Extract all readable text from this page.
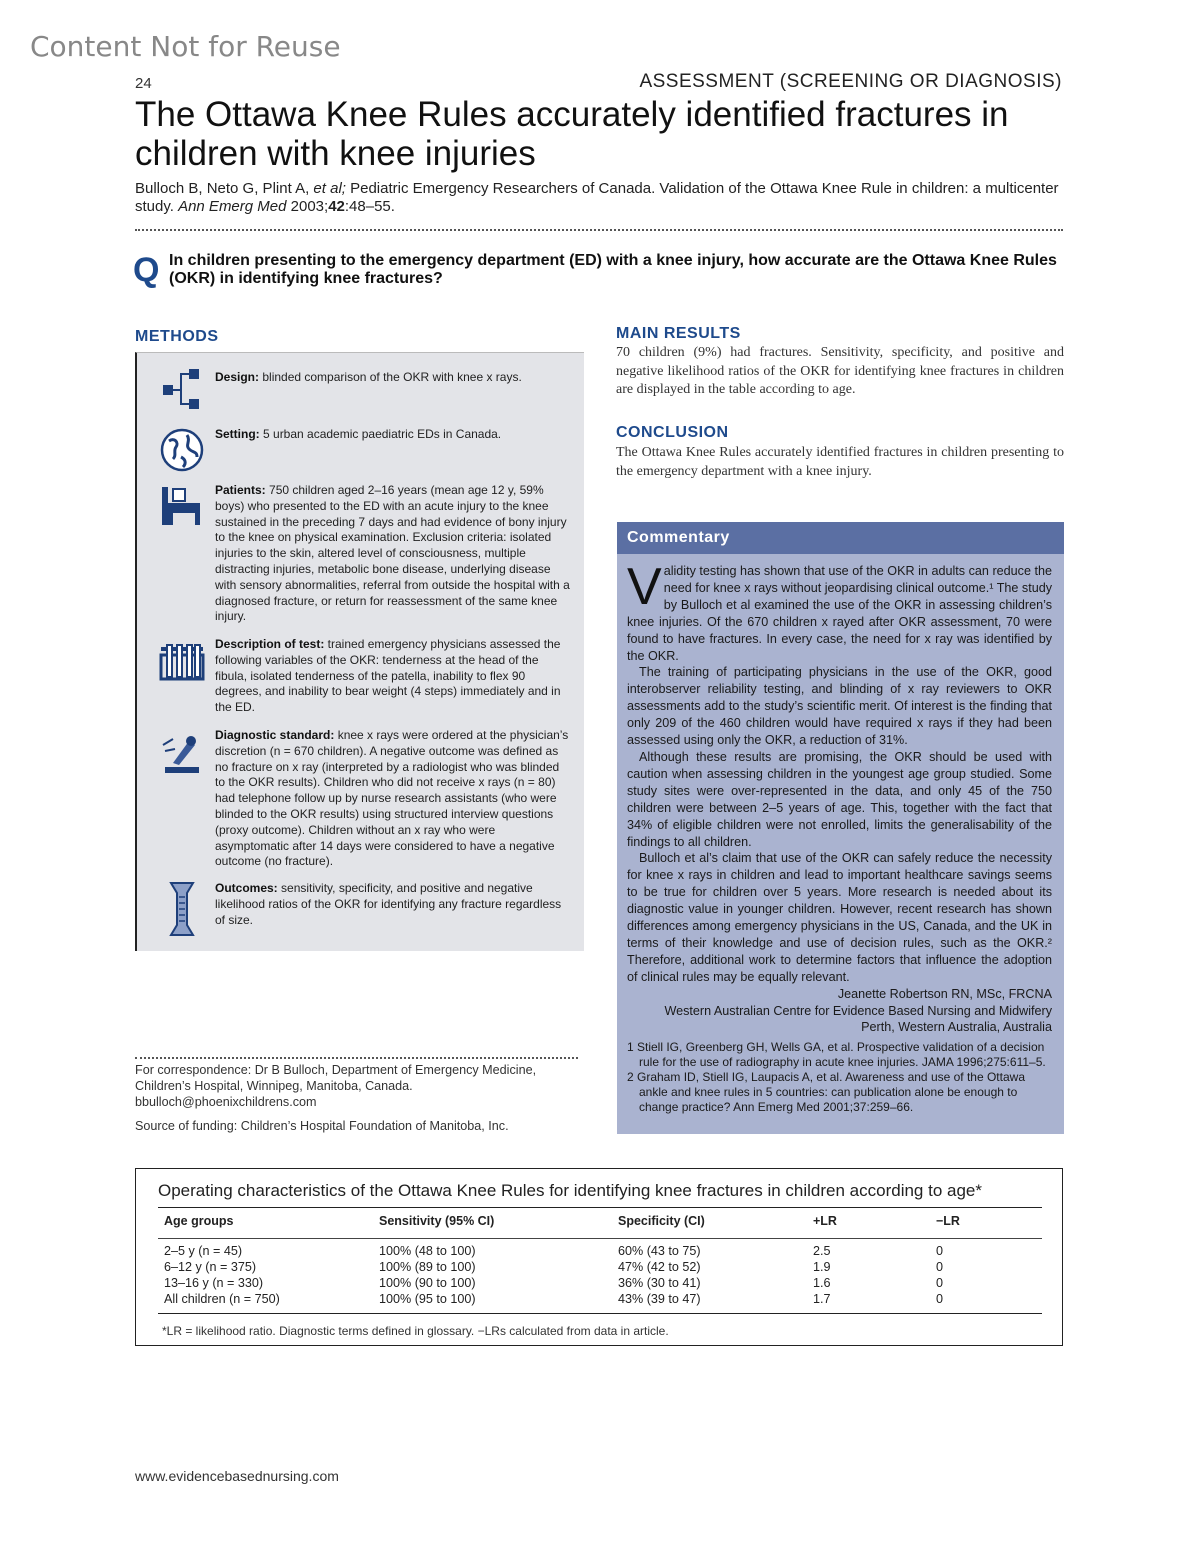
Content Not for Reuse
24	ASSESSMENT (SCREENING OR DIAGNOSIS)
The Ottawa Knee Rules accurately identified fractures in children with knee injuries
Bulloch B, Neto G, Plint A, et al; Pediatric Emergency Researchers of Canada. Validation of the Ottawa Knee Rule in children: a multicenter study. Ann Emerg Med 2003;42:48–55.
Q In children presenting to the emergency department (ED) with a knee injury, how accurate are the Ottawa Knee Rules (OKR) in identifying knee fractures?
METHODS
Design: blinded comparison of the OKR with knee x rays.
Setting: 5 urban academic paediatric EDs in Canada.
Patients: 750 children aged 2–16 years (mean age 12 y, 59% boys) who presented to the ED with an acute injury to the knee sustained in the preceding 7 days and had evidence of bony injury to the knee on physical examination. Exclusion criteria: isolated injuries to the skin, altered level of consciousness, multiple distracting injuries, metabolic bone disease, underlying disease with sensory abnormalities, referral from outside the hospital with a diagnosed fracture, or return for reassessment of the same knee injury.
Description of test: trained emergency physicians assessed the following variables of the OKR: tenderness at the head of the fibula, isolated tenderness of the patella, inability to flex 90 degrees, and inability to bear weight (4 steps) immediately and in the ED.
Diagnostic standard: knee x rays were ordered at the physician’s discretion (n = 670 children). A negative outcome was defined as no fracture on x ray (interpreted by a radiologist who was blinded to the OKR results). Children who did not receive x rays (n = 80) had telephone follow up by nurse research assistants (who were blinded to the OKR results) using structured interview questions (proxy outcome). Children without an x ray who were asymptomatic after 14 days were considered to have a negative outcome (no fracture).
Outcomes: sensitivity, specificity, and positive and negative likelihood ratios of the OKR for identifying any fracture regardless of size.
MAIN RESULTS
70 children (9%) had fractures. Sensitivity, specificity, and positive and negative likelihood ratios of the OKR for identifying knee fractures in children are displayed in the table according to age.
CONCLUSION
The Ottawa Knee Rules accurately identified fractures in children presenting to the emergency department with a knee injury.
Commentary
Validity testing has shown that use of the OKR in adults can reduce the need for knee x rays without jeopardising clinical outcome.¹ The study by Bulloch et al examined the use of the OKR in assessing children’s knee injuries. Of the 670 children x rayed after OKR assessment, 70 were found to have fractures. In every case, the need for x ray was identified by the OKR.
The training of participating physicians in the use of the OKR, good interobserver reliability testing, and blinding of x ray reviewers to OKR assessments add to the study’s scientific merit. Of interest is the finding that only 209 of the 460 children would have required x rays if they had been assessed using only the OKR, a reduction of 31%.
Although these results are promising, the OKR should be used with caution when assessing children in the youngest age group studied. Some study sites were over-represented in the data, and only 45 of the 750 children were between 2–5 years of age. This, together with the fact that 34% of eligible children were not enrolled, limits the generalisability of the findings to all children.
Bulloch et al’s claim that use of the OKR can safely reduce the necessity for knee x rays in children and lead to important healthcare savings seems to be true for children over 5 years. More research is needed about its diagnostic value in younger children. However, recent research has shown differences among emergency physicians in the US, Canada, and the UK in terms of their knowledge and use of decision rules, such as the OKR.² Therefore, additional work to determine factors that influence the adoption of clinical rules may be equally relevant.
Jeanette Robertson RN, MSc, FRCNA
Western Australian Centre for Evidence Based Nursing and Midwifery
Perth, Western Australia, Australia
1 Stiell IG, Greenberg GH, Wells GA, et al. Prospective validation of a decision rule for the use of radiography in acute knee injuries. JAMA 1996;275:611–5.
2 Graham ID, Stiell IG, Laupacis A, et al. Awareness and use of the Ottawa ankle and knee rules in 5 countries: can publication alone be enough to change practice? Ann Emerg Med 2001;37:259–66.
For correspondence: Dr B Bulloch, Department of Emergency Medicine, Children’s Hospital, Winnipeg, Manitoba, Canada. bbulloch@phoenixchildrens.com
Source of funding: Children’s Hospital Foundation of Manitoba, Inc.
Operating characteristics of the Ottawa Knee Rules for identifying knee fractures in children according to age*
Age groups	Sensitivity (95% CI)	Specificity (CI)	+LR	−LR
2–5 y (n = 45)	100% (48 to 100)	60% (43 to 75)	2.5	0
6–12 y (n = 375)	100% (89 to 100)	47% (42 to 52)	1.9	0
13–16 y (n = 330)	100% (90 to 100)	36% (30 to 41)	1.6	0
All children (n = 750)	100% (95 to 100)	43% (39 to 47)	1.7	0
*LR = likelihood ratio. Diagnostic terms defined in glossary. −LRs calculated from data in article.
www.evidencebasednursing.com
